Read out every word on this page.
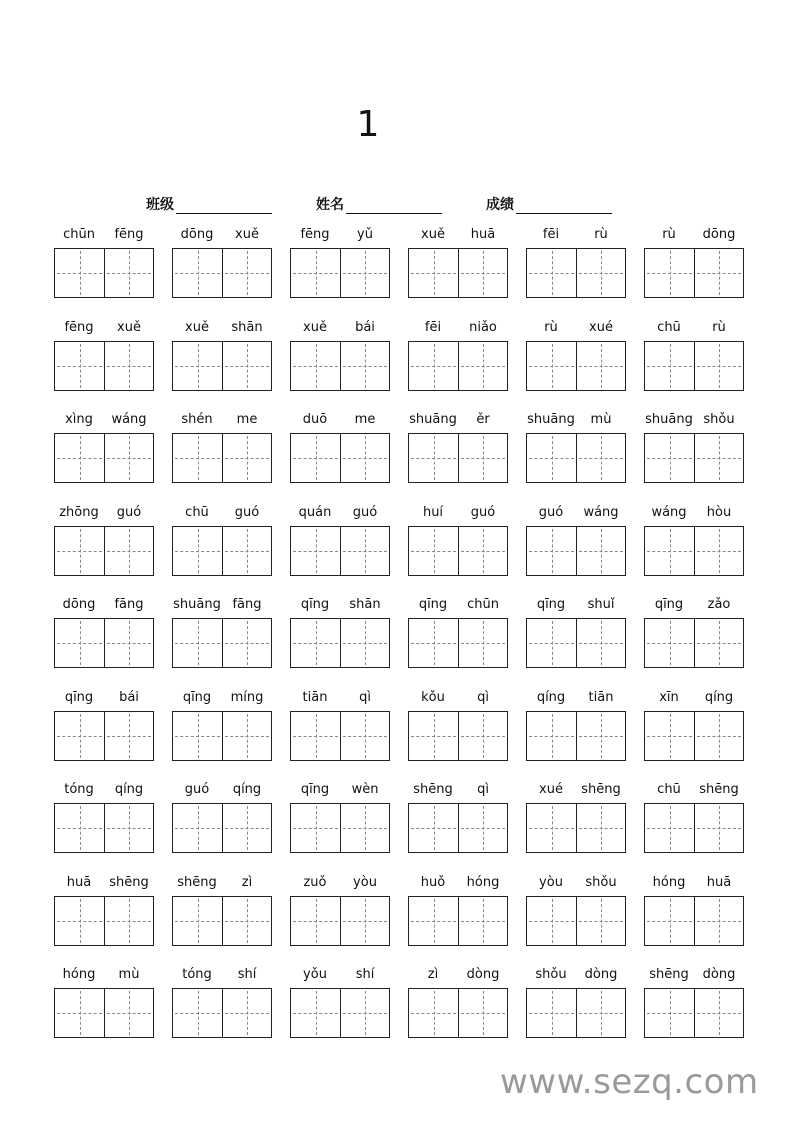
1
班级	姓名	成绩
chūn	fēng	dōng	xuě	fēng	yǔ	xuě	huā	fēi	rù	rù	dōng
fēng	xuě	xuě	shān	xuě	bái	fēi	niǎo	rù	xué	chū	rù
xìng	wáng	shén	me	duō	me	shuāng	ěr	shuāng	mù	shuāng shǒu
zhōng	guó	chū	guó	quán	guó	huí	guó	guó	wáng	wáng	hòu
dōng	fāng	shuāng fāng	qīng	shān	qīng	chūn	qīng	shuǐ	qīng	zǎo
qīng	bái	qīng	míng	tiān	qì	kǒu	qì	qíng	tiān	xīn	qíng
tóng	qíng	guó	qíng	qīng	wèn	shēng	qì	xué	shēng	chū	shēng
huā	shēng	shēng	zì	zuǒ	yòu	huǒ	hóng	yòu	shǒu	hóng	huā
hóng	mù	tóng	shí	yǒu	shí	zì	dòng	shǒu	dòng	shēng	dòng
www.sezq.com
